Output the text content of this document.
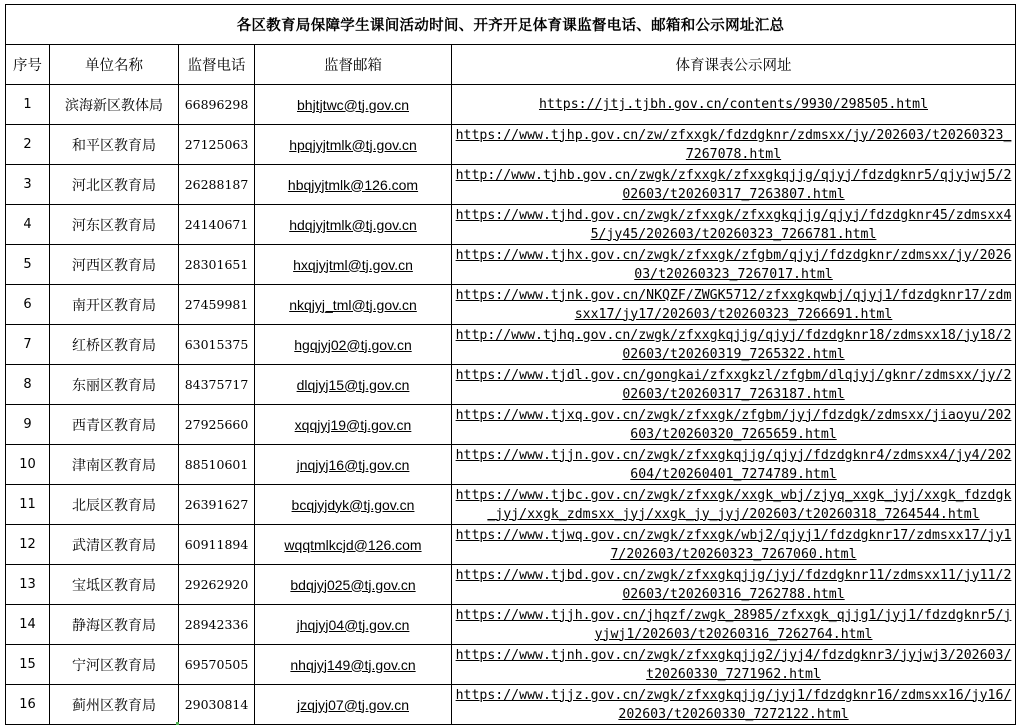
各区教育局保障学生课间活动时间、开齐开足体育课监督电话、邮箱和公示网址汇总				
序号	单位名称	监督电话	监督邮箱	体育课表公示网址
1	滨海新区教体局	66896298	bhjtjtwc@tj.gov.cn	https://jtj.tjbh.gov.cn/contents/9930/298505.html

2	和平区教育局	27125063	hpqjyjtmlk@tj.gov.cn	https://www.tjhp.gov.cn/zw/zfxxgk/fdzdgknr/zdmsxx/jy/202603/t20260323_7267078.html

3	河北区教育局	26288187	hbqjyjtmlk@126.com	http://www.tjhb.gov.cn/zwgk/zfxxgk/zfxxgkqjjg/qjyj/fdzdgknr5/qjyjwj5/202603/t20260317_7263807.html

4	河东区教育局	24140671	hdqjyjtmlk@tj.gov.cn	https://www.tjhd.gov.cn/zwgk/zfxxgk/zfxxgkqjjg/qjyj/fdzdgknr45/zdmsxx45/jy45/202603/t20260323_7266781.html

5	河西区教育局	28301651	hxqjyjtml@tj.gov.cn	https://www.tjhx.gov.cn/zwgk/zfxxgk/zfgbm/qjyj/fdzdgknr/zdmsxx/jy/202603/t20260323_7267017.html

6	南开区教育局	27459981	nkqjyj_tml@tj.gov.cn	https://www.tjnk.gov.cn/NKQZF/ZWGK5712/zfxxgkqwbj/qjyj1/fdzdgknr17/zdmsxx17/jy17/202603/t20260323_7266691.html

7	红桥区教育局	63015375	hgqjyj02@tj.gov.cn	http://www.tjhq.gov.cn/zwgk/zfxxgkqjjg/qjyj/fdzdgknr18/zdmsxx18/jy18/202603/t20260319_7265322.html

8	东丽区教育局	84375717	dlqjyj15@tj.gov.cn	https://www.tjdl.gov.cn/gongkai/zfxxgkzl/zfgbm/dlqjyj/gknr/zdmsxx/jy/202603/t20260317_7263187.html

9	西青区教育局	27925660	xqqjyj19@tj.gov.cn	https://www.tjxq.gov.cn/zwgk/zfxxgk/zfgbm/jyj/fdzdgk/zdmsxx/jiaoyu/202603/t20260320_7265659.html

10	津南区教育局	88510601	jnqjyj16@tj.gov.cn	https://www.tjjn.gov.cn/zwgk/zfxxgkqjjg/qjyj/fdzdgknr4/zdmsxx4/jy4/202604/t20260401_7274789.html

11	北辰区教育局	26391627	bcqjyjdyk@tj.gov.cn	https://www.tjbc.gov.cn/zwgk/zfxxgk/xxgk_wbj/zjyq_xxgk_jyj/xxgk_fdzdgk_jyj/xxgk_zdmsxx_jyj/xxgk_jy_jyj/202603/t20260318_7264544.html

12	武清区教育局	60911894	wqqtmlkcjd@126.com	https://www.tjwq.gov.cn/zwgk/zfxxgk/wbj2/qjyj1/fdzdgknr17/zdmsxx17/jy17/202603/t20260323_7267060.html

13	宝坻区教育局	29262920	bdqjyj025@tj.gov.cn	https://www.tjbd.gov.cn/zwgk/zfxxgkqjjg/jyj/fdzdgknr11/zdmsxx11/jy11/202603/t20260316_7262788.html

14	静海区教育局	28942336	jhqjyj04@tj.gov.cn	https://www.tjjh.gov.cn/jhqzf/zwgk_28985/zfxxgk_qjjg1/jyj1/fdzdgknr5/jyjwj1/202603/t20260316_7262764.html

15	宁河区教育局	69570505	nhqjyj149@tj.gov.cn	https://www.tjnh.gov.cn/zwgk/zfxxgkqjjg2/jyj4/fdzdgknr3/jyjwj3/202603/t20260330_7271962.html

16	蓟州区教育局	29030814	jzqjyj07@tj.gov.cn	https://www.tjjz.gov.cn/zwgk/zfxxgkqjjg/jyj1/fdzdgknr16/zdmsxx16/jy16/202603/t20260330_7272122.html
